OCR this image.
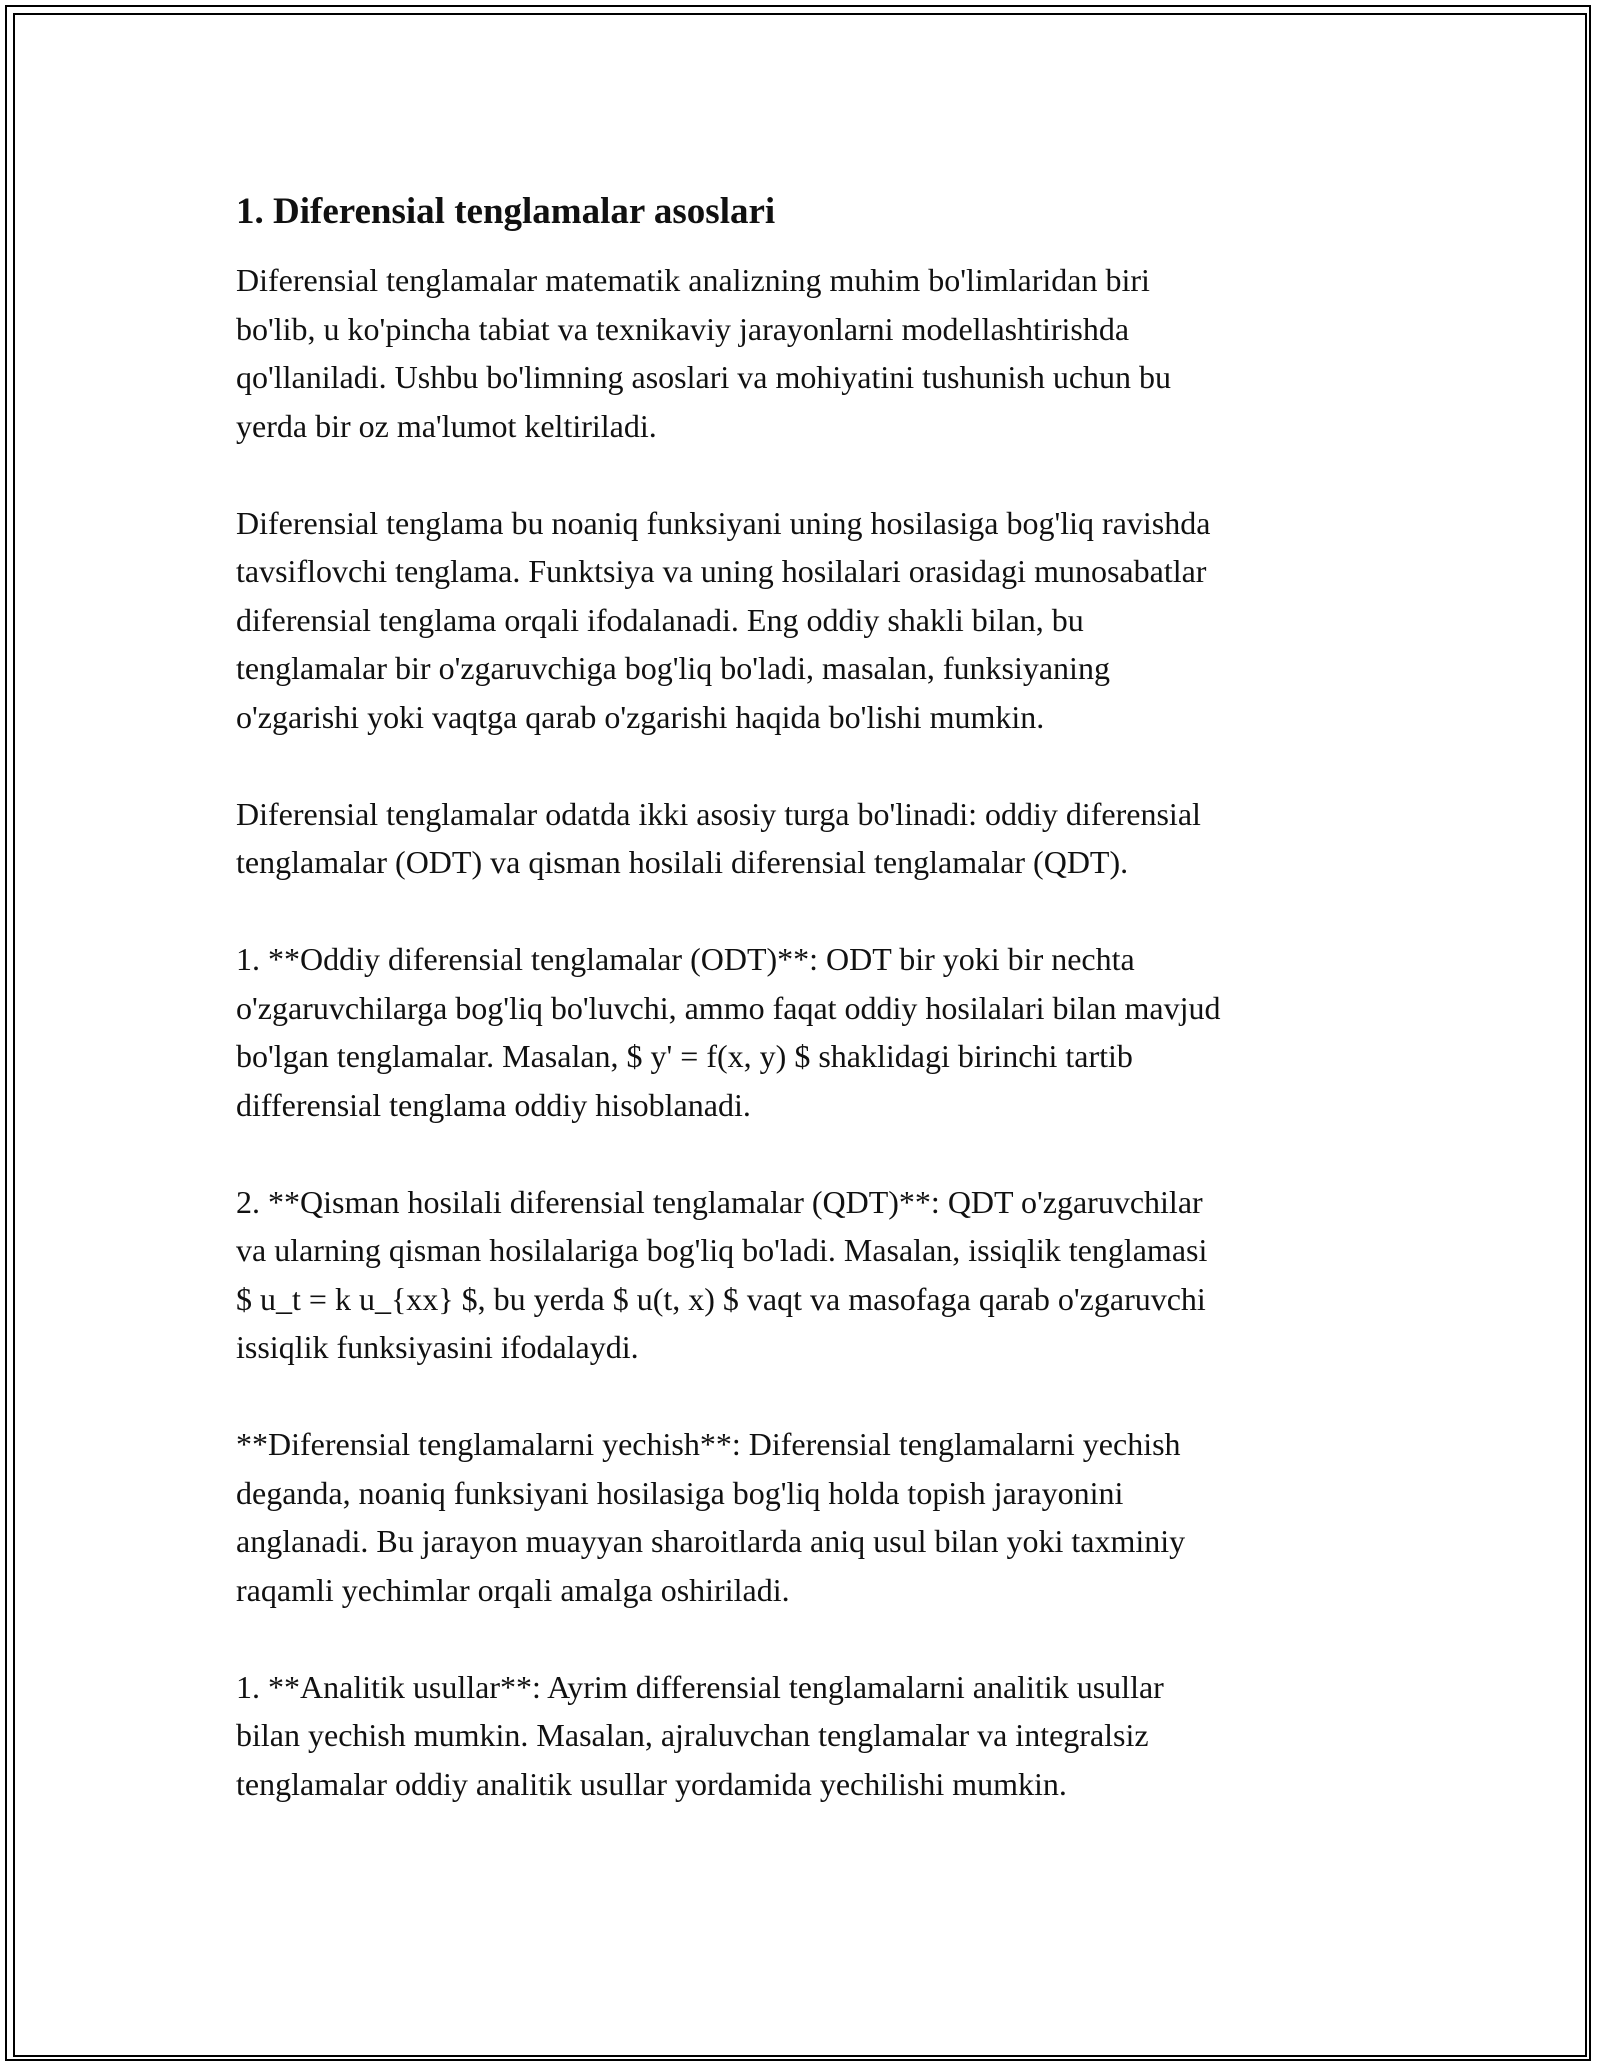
1. Diferensial tenglamalar asoslari

Diferensial tenglamalar matematik analizning muhim bo'limlaridan biri
bo'lib, u ko'pincha tabiat va texnikaviy jarayonlarni modellashtirishda
qo'llaniladi. Ushbu bo'limning asoslari va mohiyatini tushunish uchun bu
yerda bir oz ma'lumot keltiriladi.

Diferensial tenglama bu noaniq funksiyani uning hosilasiga bog'liq ravishda
tavsiflovchi tenglama. Funktsiya va uning hosilalari orasidagi munosabatlar
diferensial tenglama orqali ifodalanadi. Eng oddiy shakli bilan, bu
tenglamalar bir o'zgaruvchiga bog'liq bo'ladi, masalan, funksiyaning
o'zgarishi yoki vaqtga qarab o'zgarishi haqida bo'lishi mumkin.

Diferensial tenglamalar odatda ikki asosiy turga bo'linadi: oddiy diferensial
tenglamalar (ODT) va qisman hosilali diferensial tenglamalar (QDT).

1. **Oddiy diferensial tenglamalar (ODT)**: ODT bir yoki bir nechta
o'zgaruvchilarga bog'liq bo'luvchi, ammo faqat oddiy hosilalari bilan mavjud
bo'lgan tenglamalar. Masalan, $ y' = f(x, y) $ shaklidagi birinchi tartib
differensial tenglama oddiy hisoblanadi.

2. **Qisman hosilali diferensial tenglamalar (QDT)**: QDT o'zgaruvchilar
va ularning qisman hosilalariga bog'liq bo'ladi. Masalan, issiqlik tenglamasi
$ u_t = k u_{xx} $, bu yerda $ u(t, x) $ vaqt va masofaga qarab o'zgaruvchi
issiqlik funksiyasini ifodalaydi.

**Diferensial tenglamalarni yechish**: Diferensial tenglamalarni yechish
deganda, noaniq funksiyani hosilasiga bog'liq holda topish jarayonini
anglanadi. Bu jarayon muayyan sharoitlarda aniq usul bilan yoki taxminiy
raqamli yechimlar orqali amalga oshiriladi.

1. **Analitik usullar**: Ayrim differensial tenglamalarni analitik usullar
bilan yechish mumkin. Masalan, ajraluvchan tenglamalar va integralsiz
tenglamalar oddiy analitik usullar yordamida yechilishi mumkin.
